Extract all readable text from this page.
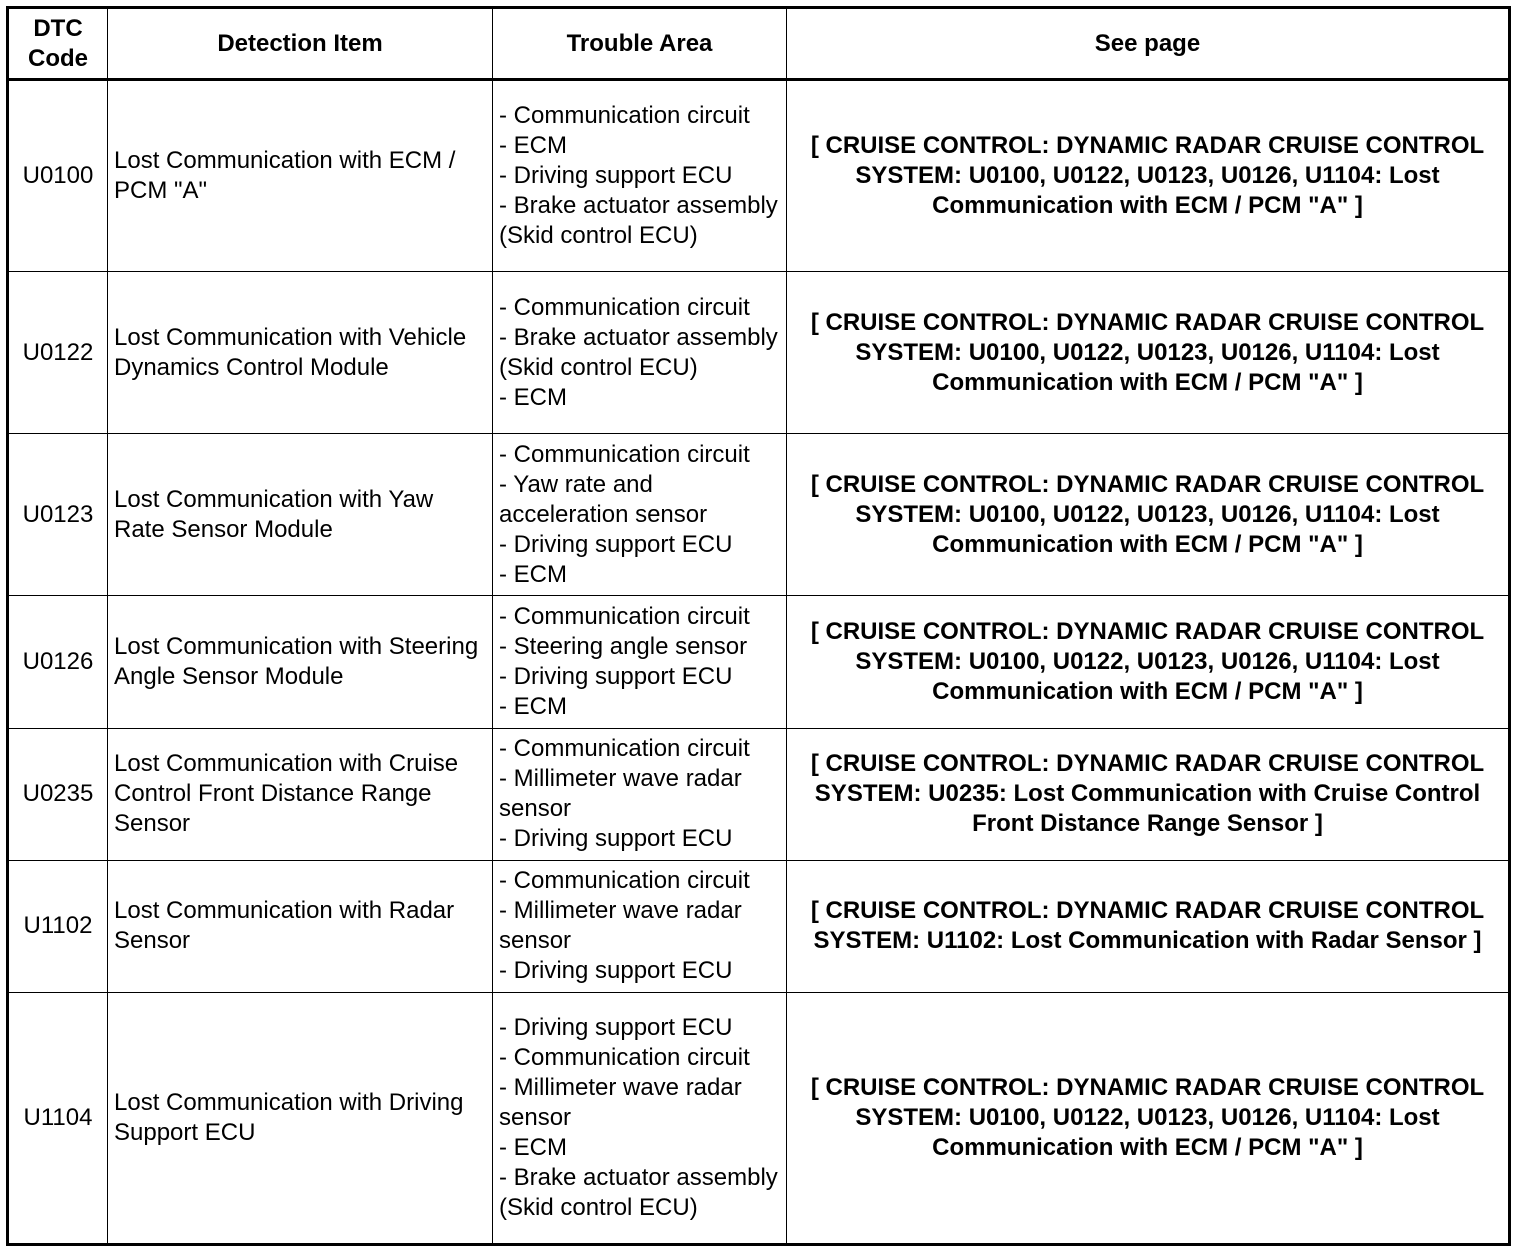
DTC
Code	Detection Item	Trouble Area	See page
U0100	Lost Communication with ECM / PCM "A"	- Communication circuit
- ECM
- Driving support ECU
- Brake actuator assembly (Skid control ECU)	[ CRUISE CONTROL: DYNAMIC RADAR CRUISE CONTROL SYSTEM: U0100, U0122, U0123, U0126, U1104: Lost Communication with ECM / PCM "A" ]
U0122	Lost Communication with Vehicle Dynamics Control Module	- Communication circuit
- Brake actuator assembly (Skid control ECU)
- ECM	[ CRUISE CONTROL: DYNAMIC RADAR CRUISE CONTROL SYSTEM: U0100, U0122, U0123, U0126, U1104: Lost Communication with ECM / PCM "A" ]
U0123	Lost Communication with Yaw Rate Sensor Module	- Communication circuit
- Yaw rate and acceleration sensor
- Driving support ECU
- ECM	[ CRUISE CONTROL: DYNAMIC RADAR CRUISE CONTROL SYSTEM: U0100, U0122, U0123, U0126, U1104: Lost Communication with ECM / PCM "A" ]
U0126	Lost Communication with Steering Angle Sensor Module	- Communication circuit
- Steering angle sensor
- Driving support ECU
- ECM	[ CRUISE CONTROL: DYNAMIC RADAR CRUISE CONTROL SYSTEM: U0100, U0122, U0123, U0126, U1104: Lost Communication with ECM / PCM "A" ]
U0235	Lost Communication with Cruise Control Front Distance Range Sensor	- Communication circuit
- Millimeter wave radar sensor
- Driving support ECU	[ CRUISE CONTROL: DYNAMIC RADAR CRUISE CONTROL SYSTEM: U0235: Lost Communication with Cruise Control Front Distance Range Sensor ]
U1102	Lost Communication with Radar Sensor	- Communication circuit
- Millimeter wave radar sensor
- Driving support ECU	[ CRUISE CONTROL: DYNAMIC RADAR CRUISE CONTROL SYSTEM: U1102: Lost Communication with Radar Sensor ]
U1104	Lost Communication with Driving Support ECU	- Driving support ECU
- Communication circuit
- Millimeter wave radar sensor
- ECM
- Brake actuator assembly (Skid control ECU)	[ CRUISE CONTROL: DYNAMIC RADAR CRUISE CONTROL SYSTEM: U0100, U0122, U0123, U0126, U1104: Lost Communication with ECM / PCM "A" ]
